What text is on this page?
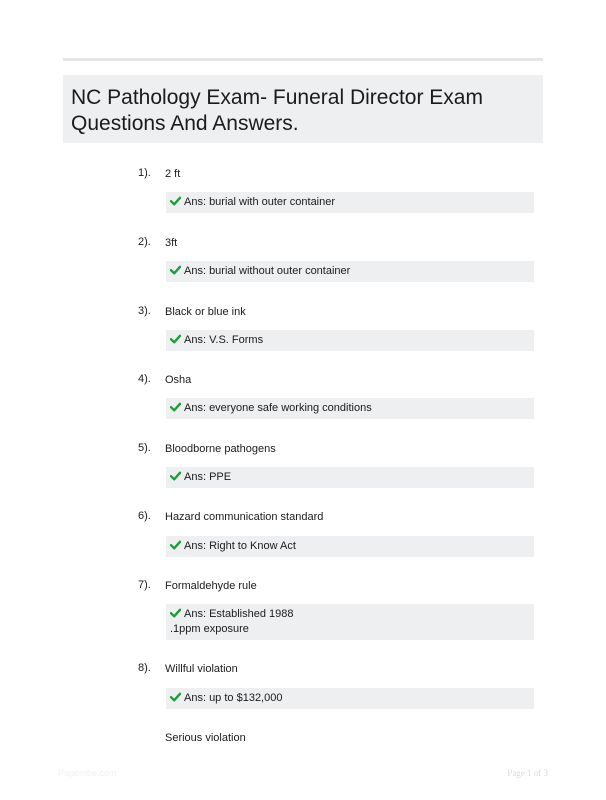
NC Pathology Exam- Funeral Director Exam
Questions And Answers.
1). 2 ft
Ans: burial with outer container
2). 3ft
Ans: burial without outer container
3). Black or blue ink
Ans: V.S. Forms
4). Osha
Ans: everyone safe working conditions
5). Bloodborne pathogens
Ans: PPE
6). Hazard communication standard
Ans: Right to Know Act
7). Formaldehyde rule
Ans: Established 1988
.1ppm exposure
8). Willful violation
Ans: up to $132,000
Serious violation
Paperribe.com	Page 1 of 3
